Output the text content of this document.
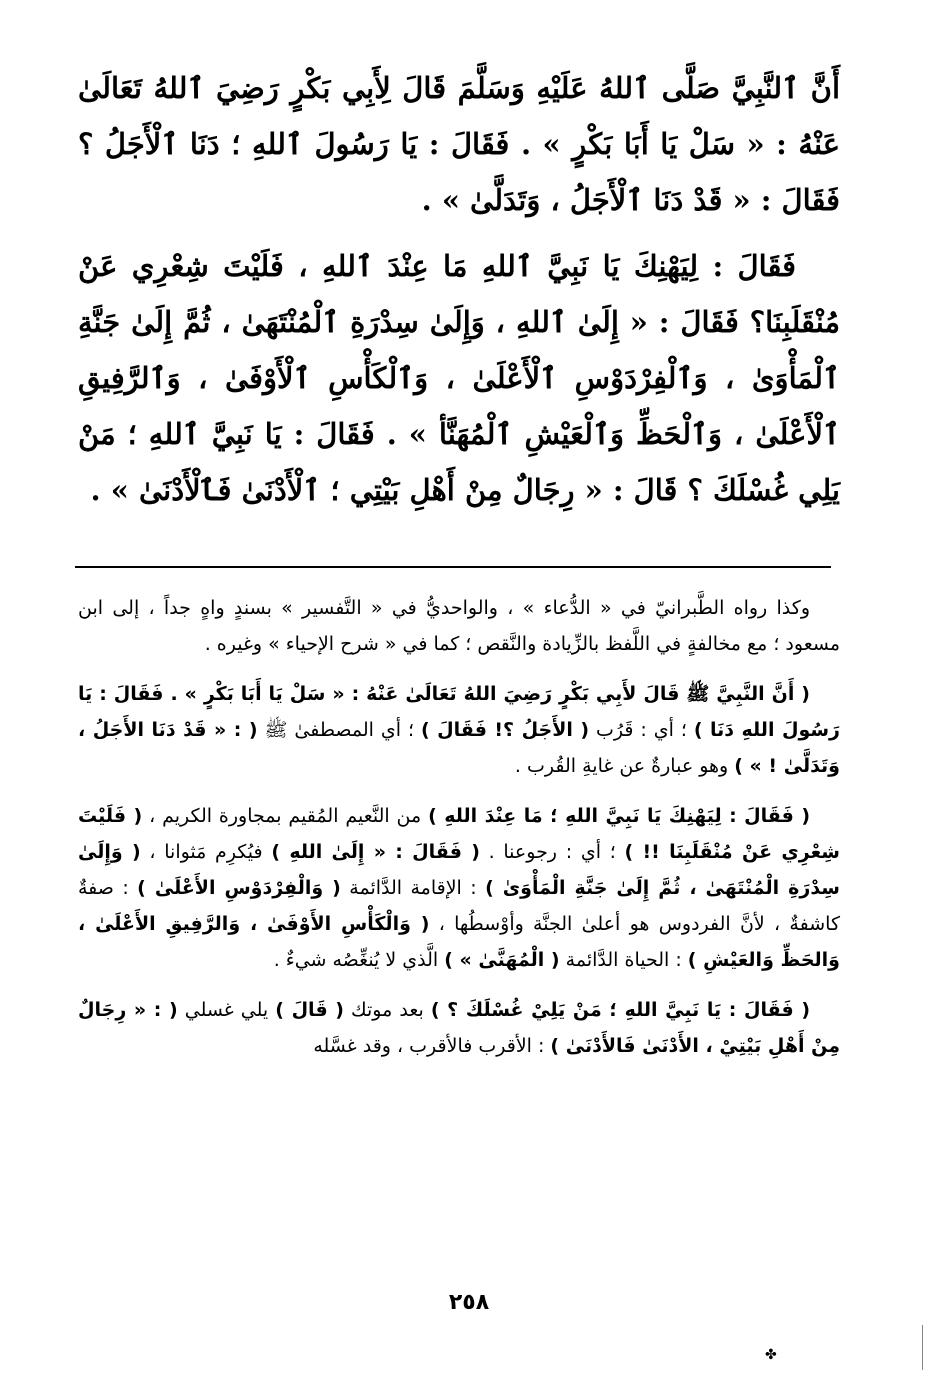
أَنَّ ٱلنَّبِيَّ صَلَّى ٱللهُ عَلَيْهِ وَسَلَّمَ قَالَ لِأَبِي بَكْرٍ رَضِيَ ٱللهُ تَعَالَىٰ عَنْهُ : « سَلْ يَا أَبَا بَكْرٍ » . فَقَالَ : يَا رَسُولَ ٱللهِ ؛ دَنَا ٱلْأَجَلُ ؟ فَقَالَ : « قَدْ دَنَا ٱلْأَجَلُ ، وَتَدَلَّىٰ » .

فَقَالَ : لِيَهْنِكَ يَا نَبِيَّ ٱللهِ مَا عِنْدَ ٱللهِ ، فَلَيْتَ شِعْرِي عَنْ مُنْقَلَبِنَا؟ فَقَالَ : « إِلَىٰ ٱللهِ ، وَإِلَىٰ سِدْرَةِ ٱلْمُنْتَهَىٰ ، ثُمَّ إِلَىٰ جَنَّةِ ٱلْمَأْوَىٰ ، وَٱلْفِرْدَوْسِ ٱلْأَعْلَىٰ ، وَٱلْكَأْسِ ٱلْأَوْفَىٰ ، وَٱلرَّفِيقِ ٱلْأَعْلَىٰ ، وَٱلْحَظِّ وَٱلْعَيْشِ ٱلْمُهَنَّأ » . فَقَالَ : يَا نَبِيَّ ٱللهِ ؛ مَنْ يَلِي غُسْلَكَ ؟ قَالَ : « رِجَالٌ مِنْ أَهْلِ بَيْتِي ؛ ٱلْأَدْنَىٰ فَٱلْأَدْنَىٰ » .

وكذا رواه الطَّبرانيّ في « الدُّعاء » ، والواحديُّ في « التَّفسير » بسندٍ واهٍ جداً ، إلى ابن مسعود ؛ مع مخالفةٍ في اللَّفظ بالزِّيادة والنَّقص ؛ كما في « شرح الإحياء » وغيره .

( أَنَّ النَّبِيَّ ﷺ قَالَ لأَبِي بَكْرٍ رَضِيَ اللهُ تَعَالَىٰ عَنْهُ : « سَلْ يَا أَبَا بَكْرٍ » . فَقَالَ : يَا رَسُولَ اللهِ دَنَا ) ؛ أي : قَرُب ( الأَجَلُ ؟! فَقَالَ ) ؛ أي المصطفىٰ ﷺ ( : « قَدْ دَنَا الأَجَلُ ، وَتَدَلَّىٰ ! » ) وهو عبارةٌ عن غايةِ القُرب .

( فَقَالَ : لِيَهْنِكَ يَا نَبِيَّ اللهِ ؛ مَا عِنْدَ اللهِ ) من النَّعيم المُقيم بمجاورة الكريم ، ( فَلَيْتَ شِعْرِي عَنْ مُنْقَلَبِنَا !! ) ؛ أي : رجوعنا . ( فَقَالَ : « إِلَىٰ اللهِ ) فيُكرِم مَثوانا ، ( وَإِلَىٰ سِدْرَةِ الْمُنْتَهَىٰ ، ثُمَّ إِلَىٰ جَنَّةِ الْمَأْوَىٰ ) : الإقامة الدَّائمة ( وَالْفِرْدَوْسِ الأَعْلَىٰ ) : صفةٌ كاشفةٌ ، لأنَّ الفردوس هو أعلىٰ الجنَّة وأوْسطُها ، ( وَالْكَأْسِ الأَوْفَىٰ ، وَالرَّفِيقِ الأَعْلَىٰ ، وَالحَظِّ وَالعَيْشِ ) : الحياة الدَّائمة ( الْمُهَنَّىٰ » ) الَّذي لا يُنغِّصُه شيءٌ .

( فَقَالَ : يَا نَبِيَّ اللهِ ؛ مَنْ يَلِيْ غُسْلَكَ ؟ ) بعد موتك ( قَالَ ) يلي غسلي ( : « رِجَالٌ مِنْ أَهْلِ بَيْتِيْ ، الأَدْنَىٰ فَالأَدْنَىٰ ) : الأقرب فالأقرب ، وقد غسَّله

٢٥٨
✤
